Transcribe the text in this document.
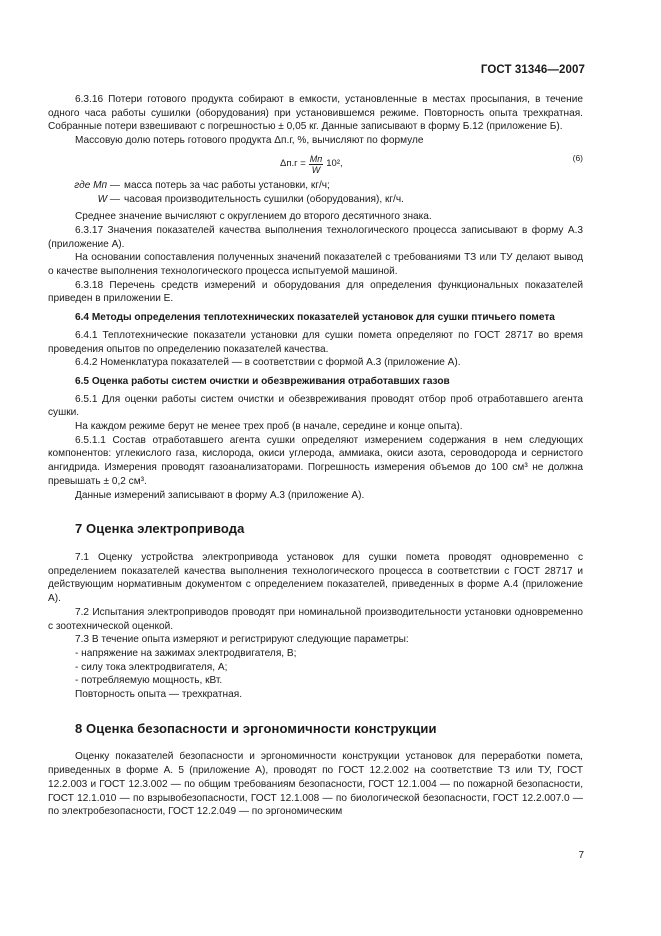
ГОСТ 31346—2007

6.3.16 Потери готового продукта собирают в емкости, установленные в местах просыпания, в течение одного часа работы сушилки (оборудования) при установившемся режиме. Повторность опыта трехкратная. Собранные потери взвешивают с погрешностью ± 0,05 кг. Данные записывают в форму Б.12 (приложение Б).

Массовую долю потерь готового продукта Δп.г, %, вычисляют по формуле

$\Delta п.г = \frac{Mп}{W} 10^2$,
(6)
где Mп — масса потерь за час работы установки, кг/ч;
W — часовая производительность сушилки (оборудования), кг/ч.

Среднее значение вычисляют с округлением до второго десятичного знака.

6.3.17 Значения показателей качества выполнения технологического процесса записывают в форму А.3 (приложение А).

На основании сопоставления полученных значений показателей с требованиями ТЗ или ТУ делают вывод о качестве выполнения технологического процесса испытуемой машиной.

6.3.18 Перечень средств измерений и оборудования для определения функциональных показателей приведен в приложении Е.

6.4 Методы определения теплотехнических показателей установок для сушки птичьего помета

6.4.1 Теплотехнические показатели установки для сушки помета определяют по ГОСТ 28717 во время проведения опытов по определению показателей качества.

6.4.2 Номенклатура показателей — в соответствии с формой А.3 (приложение А).

6.5 Оценка работы систем очистки и обезвреживания отработавших газов

6.5.1 Для оценки работы систем очистки и обезвреживания проводят отбор проб отработавшего агента сушки.

На каждом режиме берут не менее трех проб (в начале, середине и конце опыта).

6.5.1.1 Состав отработавшего агента сушки определяют измерением содержания в нем следующих компонентов: углекислого газа, кислорода, окиси углерода, аммиака, окиси азота, сероводорода и сернистого ангидрида. Измерения проводят газоанализаторами. Погрешность измерения объемов до 100 см³ не должна превышать ± 0,2 см³.

Данные измерений записывают в форму А.3 (приложение А).

7 Оценка электропривода

7.1 Оценку устройства электропривода установок для сушки помета проводят одновременно с определением показателей качества выполнения технологического процесса в соответствии с ГОСТ 28717 и действующим нормативным документом с определением показателей, приведенных в форме А.4 (приложение А).

7.2 Испытания электроприводов проводят при номинальной производительности установки одновременно с зоотехнической оценкой.

7.3 В течение опыта измеряют и регистрируют следующие параметры:

- напряжение на зажимах электродвигателя, В;

- силу тока электродвигателя, А;

- потребляемую мощность, кВт.

Повторность опыта — трехкратная.

8 Оценка безопасности и эргономичности конструкции

Оценку показателей безопасности и эргономичности конструкции установок для переработки помета, приведенных в форме А. 5 (приложение А), проводят по ГОСТ 12.2.002 на соответствие ТЗ или ТУ, ГОСТ 12.2.003 и ГОСТ 12.3.002 — по общим требованиям безопасности, ГОСТ 12.1.004 — по пожарной безопасности, ГОСТ 12.1.010 — по взрывобезопасности, ГОСТ 12.1.008 — по биологической безопасности, ГОСТ 12.2.007.0 — по электробезопасности, ГОСТ 12.2.049 — по эргономическим

7
